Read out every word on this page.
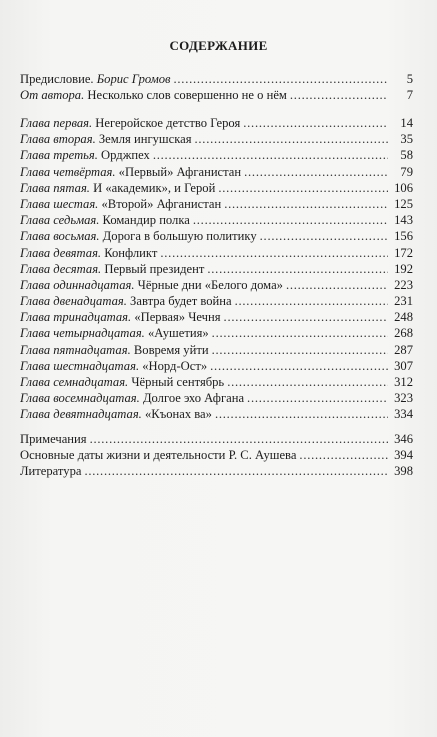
СОДЕРЖАНИЕ
Предисловие. Борис Громов . . .	5
От автора. Несколько слов совершенно не о нём . . .	7
Глава первая. Негеройское детство Героя . . .	14
Глава вторая. Земля ингушская . . .	35
Глава третья. Орджпех . . .	58
Глава четвёртая. «Первый» Афганистан . . .	79
Глава пятая. И «академик», и Герой . . .	106
Глава шестая. «Второй» Афганистан . . .	125
Глава седьмая. Командир полка . . .	143
Глава восьмая. Дорога в большую политику . . .	156
Глава девятая. Конфликт . . .	172
Глава десятая. Первый президент . . .	192
Глава одиннадцатая. Чёрные дни «Белого дома» . . .	223
Глава двенадцатая. Завтра будет война . . .	231
Глава тринадцатая. «Первая» Чечня . . .	248
Глава четырнадцатая. «Аушетия» . . .	268
Глава пятнадцатая. Вовремя уйти . . .	287
Глава шестнадцатая. «Норд-Ост» . . .	307
Глава семнадцатая. Чёрный сентябрь . . .	312
Глава восемнадцатая. Долгое эхо Афгана . . .	323
Глава девятнадцатая. «Къонах ва» . . .	334
Примечания . . .	346
Основные даты жизни и деятельности Р. С. Аушева . . .	394
Литература . . .	398
